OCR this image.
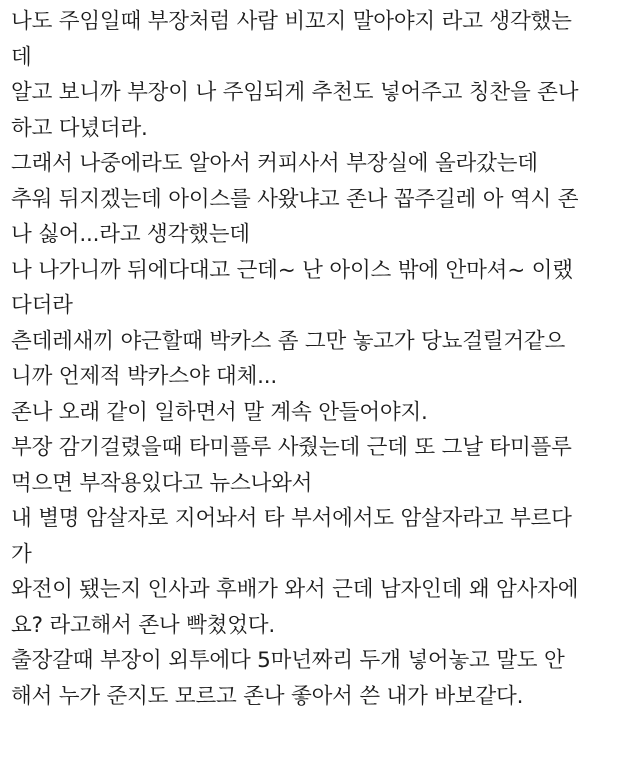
나도 주임일때 부장처럼 사람 비꼬지 말아야지 라고 생각했는
데
알고 보니까 부장이 나 주임되게 추천도 넣어주고 칭찬을 존나
하고 다녔더라.
그래서 나중에라도 알아서 커피사서 부장실에 올라갔는데
추워 뒤지겠는데 아이스를 사왔냐고 존나 꼽주길레 아 역시 존
나 싫어...라고 생각했는데
나 나가니까 뒤에다대고 근데~ 난 아이스 밖에 안마셔~ 이랬
다더라
츤데레새끼 야근할때 박카스 좀 그만 놓고가 당뇨걸릴거같으
니까 언제적 박카스야 대체...
존나 오래 같이 일하면서 말 계속 안들어야지.
부장 감기걸렸을때 타미플루 사줬는데 근데 또 그날 타미플루
먹으면 부작용있다고 뉴스나와서
내 별명 암살자로 지어놔서 타 부서에서도 암살자라고 부르다
가
와전이 됐는지 인사과 후배가 와서 근데 남자인데 왜 암사자에
요? 라고해서 존나 빡쳤었다.
출장갈때 부장이 외투에다 5마넌짜리 두개 넣어놓고 말도 안
해서 누가 준지도 모르고 존나 좋아서 쓴 내가 바보같다.
